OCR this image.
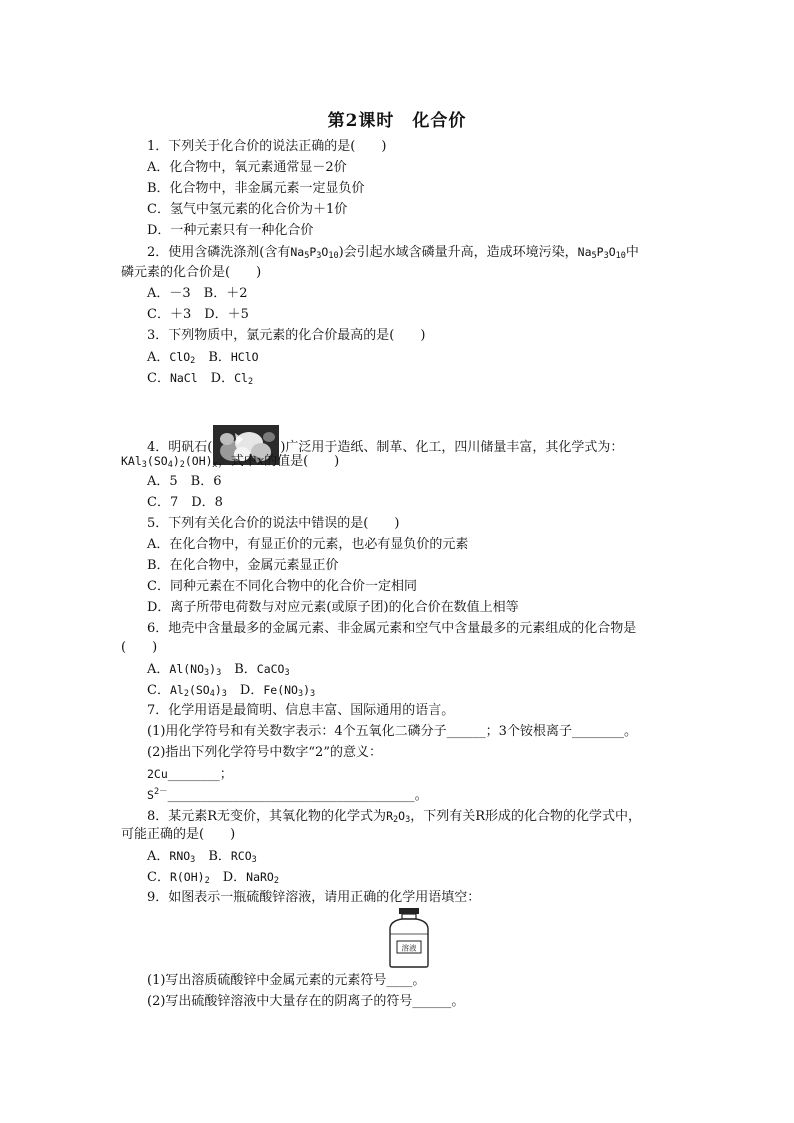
第2课时　化合价
1．下列关于化合价的说法正确的是(　　)
A．化合物中，氧元素通常显－2价
B．化合物中，非金属元素一定显负价
C．氢气中氢元素的化合价为＋1价
D．一种元素只有一种化合价
2．使用含磷洗涤剂(含有$Na_5P_3O_{10}$)会引起水域含磷量升高，造成环境污染，$Na_5P_3O_{10}$中
磷元素的化合价是(　　)
A．－3　B．＋2
C．＋3　D．＋5
3．下列物质中，氯元素的化合价最高的是(　　)
A．ClO$_2$　 B．HClO
C．NaCl　 D．$Cl_2$
4．明矾石(	)广泛用于造纸、制革、化工，四川储量丰富，其化学式为：
$KAl_3(SO_4)_2(OH)_x$，式中x的值是(　　)
A．5　B．6
C．7　D．8
5．下列有关化合价的说法中错误的是(　　)
A．在化合物中，有显正价的元素，也必有显负价的元素
B．在化合物中，金属元素显正价
C．同种元素在不同化合物中的化合价一定相同
D．离子所带电荷数与对应元素(或原子团)的化合价在数值上相等
6．地壳中含量最多的金属元素、非金属元素和空气中含量最多的元素组成的化合物是
(　　)
A．$Al(NO_3)_3$　 B．CaCO$_3$
C．$Al_2(SO_4)_3$　 D．$Fe(NO_3)_3$
7．化学用语是最简明、信息丰富、国际通用的语言。
(1)用化学符号和有关数字表示：4个五氧化二磷分子______；3个铵根离子________。
(2)指出下列化学符号中数字“2”的意义：
2Cu________；
$S^{2-}\_\_\_\_\_\_\_\_\_\_\_\_\_\_\_\_\_\_\_\_\_\_\_\_\_\_\_\_\_\_\_\_\_\_\_\_\_\_$。
8．某元素R无变价，其氧化物的化学式为$R_2O_3$，下列有关R形成的化合物的化学式中，
可能正确的是(　　)
A．$RNO_3$　 B．$RCO_3$
C．$R(OH)_2$　 D．NaRO$_2$
9．如图表示一瓶硫酸锌溶液，请用正确的化学用语填空：
溶液
(1)写出溶质硫酸锌中金属元素的元素符号____。
(2)写出硫酸锌溶液中大量存在的阴离子的符号______。
